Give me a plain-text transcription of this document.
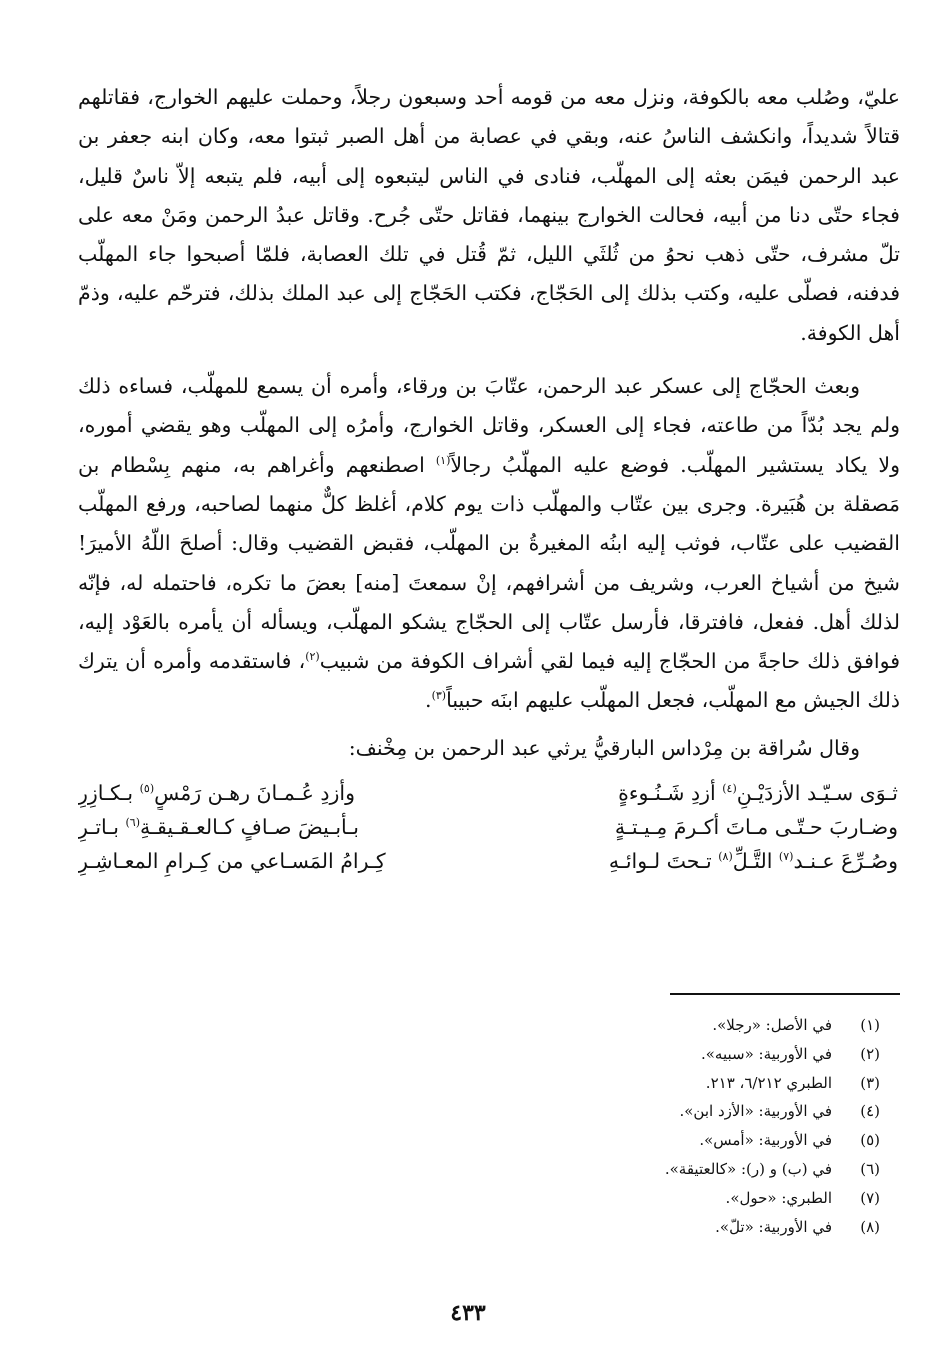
عليّ، وصُلب معه بالكوفة، ونزل معه من قومه أحد وسبعون رجلاً، وحملت عليهم الخوارج، فقاتلهم قتالاً شديداً، وانكشف الناسُ عنه، وبقي في عصابة من أهل الصبر ثبتوا معه، وكان ابنه جعفر بن عبد الرحمن فيمَن بعثه إلى المهلّب، فنادى في الناس ليتبعوه إلى أبيه، فلم يتبعه إلاّ ناسٌ قليل، فجاء حتّى دنا من أبيه، فحالت الخوارج بينهما، فقاتل حتّى جُرح. وقاتل عبدُ الرحمن ومَنْ معه على تلّ مشرف، حتّى ذهب نحوُ من ثُلثَي الليل، ثمّ قُتل في تلك العصابة، فلمّا أصبحوا جاء المهلّب فدفنه، فصلّى عليه، وكتب بذلك إلى الحَجّاج، فكتب الحَجّاج إلى عبد الملك بذلك، فترحّم عليه، وذمّ أهل الكوفة.

وبعث الحجّاج إلى عسكر عبد الرحمن، عتّابَ بن ورقاء، وأمره أن يسمع للمهلّب، فساءه ذلك ولم يجد بُدّاً من طاعته، فجاء إلى العسكر، وقاتل الخوارج، وأمرُه إلى المهلّب وهو يقضي أموره، ولا يكاد يستشير المهلّب. فوضع عليه المهلّبُ رجالاً$^{(١)}$ اصطنعهم وأغراهم به، منهم بِسْطام بن مَصقلة بن هُبَيرة. وجرى بين عتّاب والمهلّب ذات يوم كلام، أغلظ كلٌّ منهما لصاحبه، ورفع المهلّب القضيب على عتّاب، فوثب إليه ابنُه المغيرةُ بن المهلّب، فقبض القضيب وقال: أصلحَ اللّهُ الأميرَ! شيخ من أشياخ العرب، وشريف من أشرافهم، إنْ سمعتَ [منه] بعضَ ما تكره، فاحتمله له، فإنّه لذلك أهل. ففعل، فافترقا، فأرسل عتّاب إلى الحجّاج يشكو المهلّب، ويسأله أن يأمره بالعَوْد إليه، فوافق ذلك حاجةً من الحجّاج إليه فيما لقي أشراف الكوفة من شبيب$^{(٢)}$، فاستقدمه وأمره أن يترك ذلك الجيش مع المهلّب، فجعل المهلّب عليهم ابنَه حبيباً$^{(٣)}$.

وقال سُراقة بن مِرْداس البارقيُّ يرثي عبد الرحمن بن مِخْنف:

ثـوَى سـيّـد الأزدَيْـنِ$^{(٤)}$ أزدِ شَـنُـوءةٍ
وأزدِ عُـمـانَ رهـن رَمْسٍ$^{(٥)}$ بـكـازِرِ
وضـاربَ حـتّـى مـاتَ أكـرمَ مِـيـتـةٍ
بـأبـيضَ صـافٍ كـالعـقـيقـةِ$^{(٦)}$ بـاتـرِ
وصُـرِّعَ عـنـد$^{(٧)}$ التَّـلِّ$^{(٨)}$ تـحتَ لـوائـهِ
كِـرامُ المَسـاعي من كِـرامِ المعـاشِـرِ
(١)
في الأصل: «رجلا».
(٢)
في الأوربية: «سبيه».
(٣)
الطبري ٦/٢١٢، ٢١٣.
(٤)
في الأوربية: «الأزد ابن».
(٥)
في الأوربية: «أمس».
(٦)
في (ب) و (ر): «كالعتيقة».
(٧)
الطبري: «حول».
(٨)
في الأوربية: «تلّ».
٤٣٣
